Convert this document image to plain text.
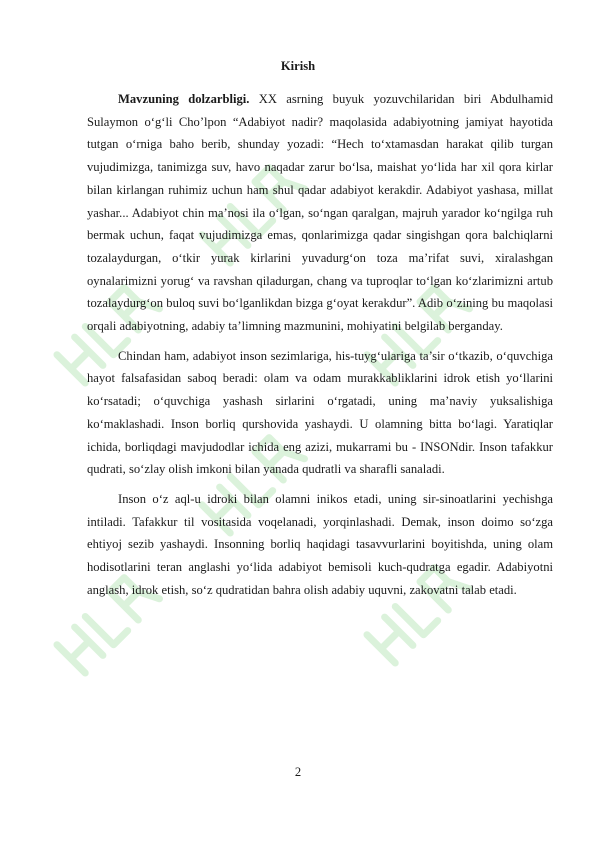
Kirish

Mavzuning dolzarbligi. XX asrning buyuk yozuvchilaridan biri Abdulhamid Sulaymon o‘g‘li Cho’lpon “Adabiyot nadir? maqolasida adabiyotning jamiyat hayotida tutgan o‘rniga baho berib, shunday yozadi: “Hech to‘xtamasdan harakat qilib turgan vujudimizga, tanimizga suv, havo naqadar zarur bo‘lsa, maishat yo‘lida har xil qora kirlar bilan kirlangan ruhimiz uchun ham shul qadar adabiyot kerakdir. Adabiyot yashasa, millat yashar... Adabiyot chin ma’nosi ila o‘lgan, so‘ngan qaralgan, majruh yarador ko‘ngilga ruh bermak uchun, faqat vujudimizga emas, qonlarimizga qadar singishgan qora balchiqlarni tozalaydurgan, o‘tkir yurak kirlarini yuvadurg‘on toza ma’rifat suvi, xiralashgan oynalarimizni yorug‘ va ravshan qiladurgan, chang va tuproqlar to‘lgan ko‘zlarimizni artub tozalaydurg‘on buloq suvi bo‘lganlikdan bizga g‘oyat kerakdur”. Adib o‘zining bu maqolasi orqali adabiyotning, adabiy ta’limning mazmunini, mohiyatini belgilab berganday.

Chindan ham, adabiyot inson sezimlariga, his-tuyg‘ulariga ta’sir o‘tkazib, o‘quvchiga hayot falsafasidan saboq beradi: olam va odam murakkabliklarini idrok etish yo‘llarini ko‘rsatadi; o‘quvchiga yashash sirlarini o‘rgatadi, uning ma’naviy yuksalishiga ko‘maklashadi. Inson borliq qurshovida yashaydi. U olamning bitta bo‘lagi. Yaratiqlar ichida, borliqdagi mavjudodlar ichida eng azizi, mukarrami bu - INSONdir. Inson tafakkur qudrati, so‘zlay olish imkoni bilan yanada qudratli va sharafli sanaladi.

Inson o‘z aql-u idroki bilan olamni inikos etadi, uning sir-sinoatlarini yechishga intiladi. Tafakkur til vositasida voqelanadi, yorqinlashadi. Demak, inson doimo so‘zga ehtiyoj sezib yashaydi. Insonning borliq haqidagi tasavvurlarini boyitishda, uning olam hodisotlarini teran anglashi yo‘lida adabiyot bemisoli kuch-qudratga egadir. Adabiyotni anglash, idrok etish, so‘z qudratidan bahra olish adabiy uquvni, zakovatni talab etadi.

2
